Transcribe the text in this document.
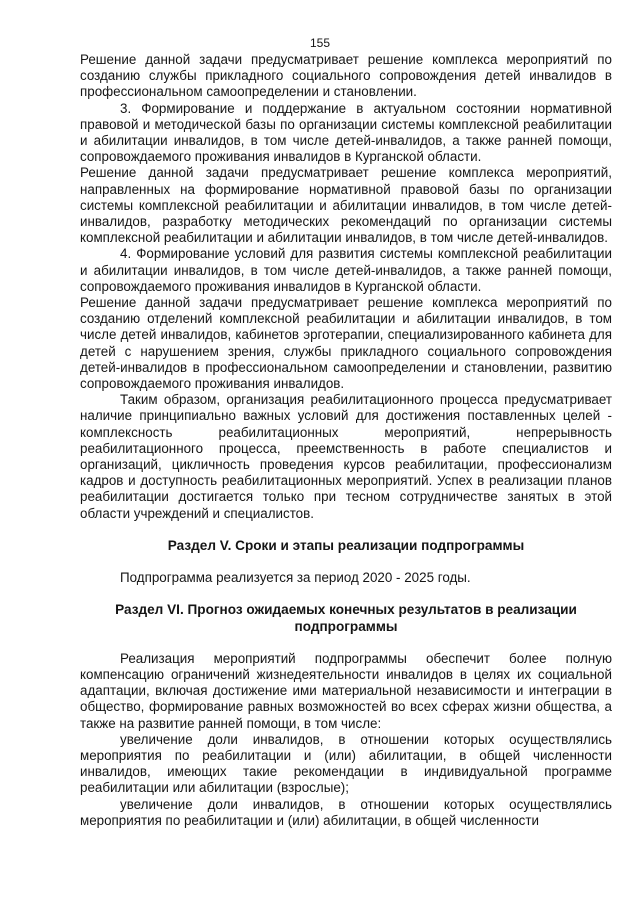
155

Решение данной задачи предусматривает решение комплекса мероприятий по созданию службы прикладного социального сопровождения детей инвалидов в профессиональном самоопределении и становлении.

3. Формирование и поддержание в актуальном состоянии нормативной правовой и методической базы по организации системы комплексной реабилитации и абилитации инвалидов, в том числе детей-инвалидов, а также ранней помощи, сопровождаемого проживания инвалидов в Курганской области.

Решение данной задачи предусматривает решение комплекса мероприятий, направленных на формирование нормативной правовой базы по организации системы комплексной реабилитации и абилитации инвалидов, в том числе детей-инвалидов, разработку методических рекомендаций по организации системы комплексной реабилитации и абилитации инвалидов, в том числе детей-инвалидов.

4. Формирование условий для развития системы комплексной реабилитации и абилитации инвалидов, в том числе детей-инвалидов, а также ранней помощи, сопровождаемого проживания инвалидов в Курганской области.

Решение данной задачи предусматривает решение комплекса мероприятий по созданию отделений комплексной реабилитации и абилитации инвалидов, в том числе детей инвалидов, кабинетов эрготерапии, специализированного кабинета для детей с нарушением зрения, службы прикладного социального сопровождения детей-инвалидов в профессиональном самоопределении и становлении, развитию сопровождаемого проживания инвалидов.

Таким образом, организация реабилитационного процесса предусматривает наличие принципиально важных условий для достижения поставленных целей - комплексность реабилитационных мероприятий, непрерывность реабилитационного процесса, преемственность в работе специалистов и организаций, цикличность проведения курсов реабилитации, профессионализм кадров и доступность реабилитационных мероприятий. Успех в реализации планов реабилитации достигается только при тесном сотрудничестве занятых в этой области учреждений и специалистов.

Раздел V. Сроки и этапы реализации подпрограммы

Подпрограмма реализуется за период 2020 - 2025 годы.

Раздел VI. Прогноз ожидаемых конечных результатов в реализации
подпрограммы

Реализация мероприятий подпрограммы обеспечит более полную компенсацию ограничений жизнедеятельности инвалидов в целях их социальной адаптации, включая достижение ими материальной независимости и интеграции в общество, формирование равных возможностей во всех сферах жизни общества, а также на развитие ранней помощи, в том числе:

увеличение доли инвалидов, в отношении которых осуществлялись мероприятия по реабилитации и (или) абилитации, в общей численности инвалидов, имеющих такие рекомендации в индивидуальной программе реабилитации или абилитации (взрослые);

увеличение доли инвалидов, в отношении которых осуществлялись мероприятия по реабилитации и (или) абилитации, в общей численности
